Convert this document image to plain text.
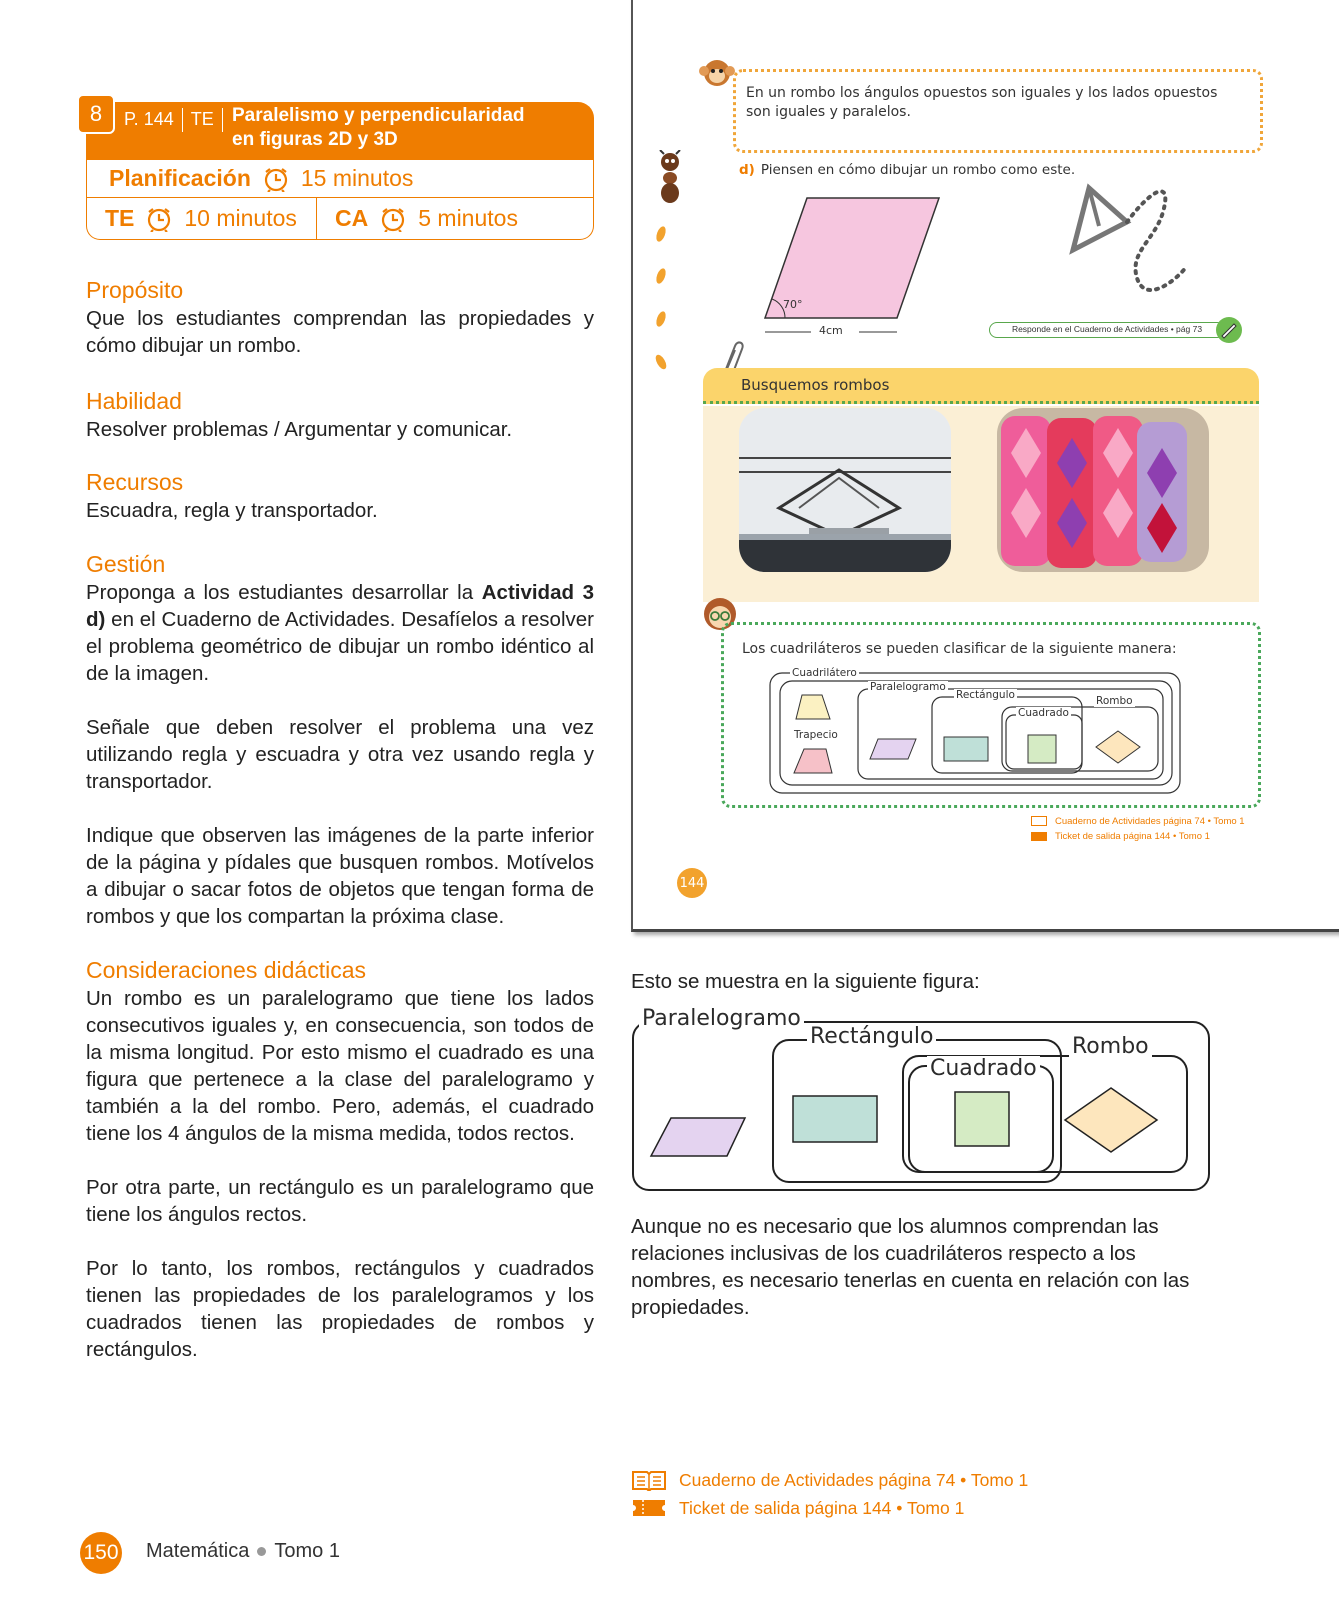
8	P. 144 TE Paralelismo y perpendicularidad
en figuras 2D y 3D
Planificación 15 minutos
TE 10 minutos CA 5 minutos
Propósito
Que los estudiantes comprendan las propiedades y cómo dibujar un rombo.
Habilidad
Resolver problemas / Argumentar y comunicar.
Recursos
Escuadra, regla y transportador.
Gestión
Proponga a los estudiantes desarrollar la Actividad 3 d) en el Cuaderno de Actividades. Desafíelos a resolver el problema geométrico de dibujar un rombo idéntico al de la imagen.
Señale que deben resolver el problema una vez utilizando regla y escuadra y otra vez usando regla y transportador.
Indique que observen las imágenes de la parte inferior de la página y pídales que busquen rombos. Motívelos a dibujar o sacar fotos de objetos que tengan forma de rombos y que los compartan la próxima clase.
Consideraciones didácticas
Un rombo es un paralelogramo que tiene los lados consecutivos iguales y, en consecuencia, son todos de la misma longitud. Por esto mismo el cuadrado es una figura que pertenece a la clase del paralelogramo y también a la del rombo. Pero, además, el cuadrado tiene los 4 ángulos de la misma medida, todos rectos.
Por otra parte, un rectángulo es un paralelogramo que tiene los ángulos rectos.
Por lo tanto, los rombos, rectángulos y cuadrados tienen las propiedades de los paralelogramos y los cuadrados tienen las propiedades de rombos y rectángulos.
En un rombo los ángulos opuestos son iguales y los lados opuestos son iguales y paralelos.
d) Piensen en cómo dibujar un rombo como este.
70°
4cm	Responde en el Cuaderno de Actividades • pág 73
Busquemos rombos
Los cuadriláteros se pueden clasificar de la siguiente manera:
Cuadrilátero
Trapecio
Paralelogramo
Rectángulo
Cuadrado
Rombo
Cuaderno de Actividades página 74 • Tomo 1
Ticket de salida página 144 • Tomo 1
144
Esto se muestra en la siguiente figura:
Paralelogramo
Rectángulo
Cuadrado
Rombo
Aunque no es necesario que los alumnos comprendan las relaciones inclusivas de los cuadriláteros respecto a los nombres, es necesario tenerlas en cuenta en relación con las propiedades.
Cuaderno de Actividades página 74 • Tomo 1
Ticket de salida página 144 • Tomo 1
150 Matemática Tomo 1
